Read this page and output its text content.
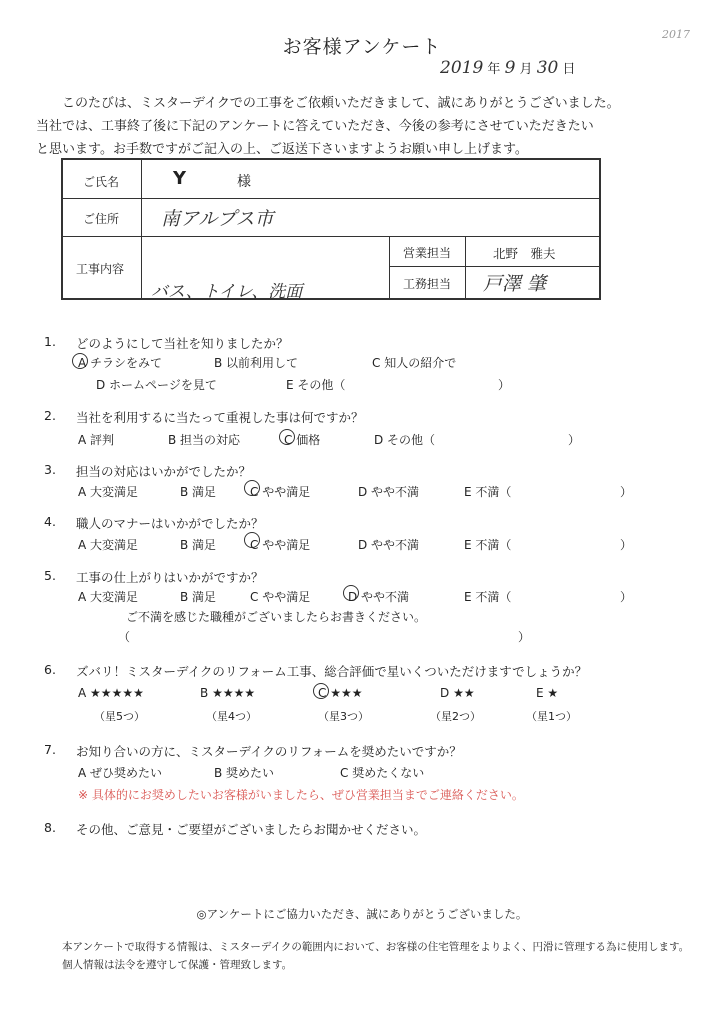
2017
お客様アンケート
2019 年 9 月 30 日

このたびは、ミスターデイクでの工事をご依頼いただきまして、誠にありがとうございました。

当社では、工事終了後に下記のアンケートに答えていただき、今後の参考にさせていただきたい

と思います。お手数ですがご記入の上、ご返送下さいますようお願い申し上げます。

ご氏名	Y	様
ご住所 南アルプス市
工事内容
バス、トイレ、洗面
営業担当	北野　雅夫
工務担当 戸澤 肇
1. どのようにして当社を知りましたか？
A チラシをみて	B 以前利用して	C 知人の紹介で
D ホームページを見て	E その他（	）
2. 当社を利用するに当たって重視した事は何ですか？
A 評判	B 担当の対応	C 価格	D その他（	）
3. 担当の対応はいかがでしたか？
A 大変満足	B 満足	C やや満足	D やや不満	E 不満（	）
4. 職人のマナーはいかがでしたか？
A 大変満足	B 満足	C やや満足	D やや不満	E 不満（	）
5. 工事の仕上がりはいかがですか？
A 大変満足	B 満足	C やや満足	D やや不満	E 不満（	）
ご不満を感じた職種がございましたらお書きください。
（	）
6. ズバリ！ミスターデイクのリフォーム工事、総合評価で星いくついただけますでしょうか？
A ★★★★★
（星5つ）
B ★★★★
（星4つ）
C ★★★
（星3つ）
D ★★
（星2つ）
E ★
（星1つ）
7. お知り合いの方に、ミスターデイクのリフォームを奨めたいですか？
A ぜひ奨めたい	B 奨めたい	C 奨めたくない
※ 具体的にお奨めしたいお客様がいましたら、ぜひ営業担当までご連絡ください。
8. その他、ご意見・ご要望がございましたらお聞かせください。
◎アンケートにご協力いただき、誠にありがとうございました。

本アンケートで取得する情報は、ミスターデイクの範囲内において、お客様の住宅管理をよりよく、円滑に管理する為に使用します。

個人情報は法令を遵守して保護・管理致します。
